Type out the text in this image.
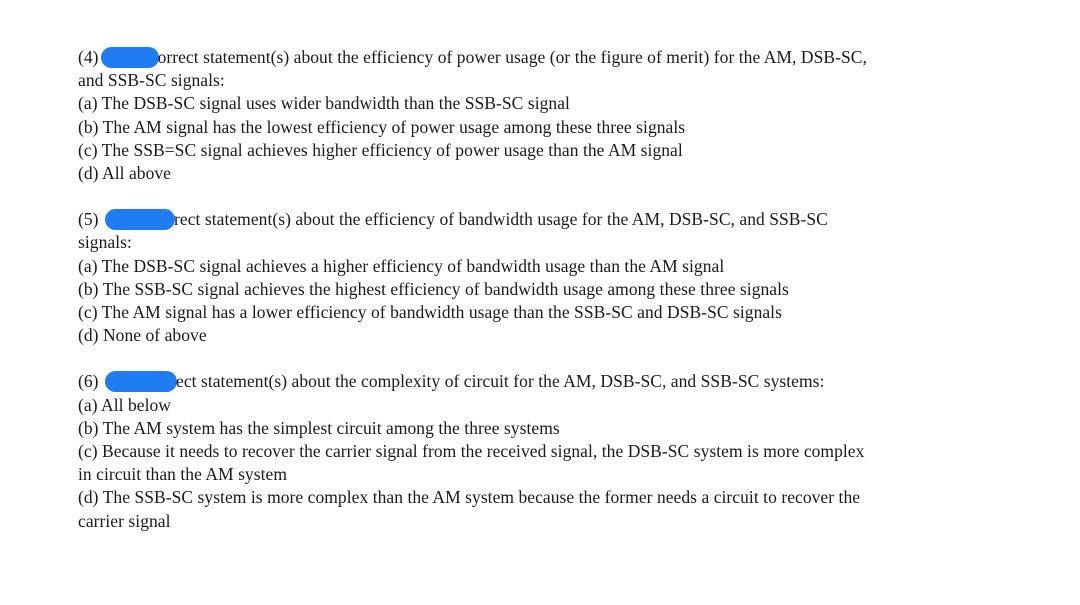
(4)	orrect statement(s) about the efficiency of power usage (or the figure of merit) for the AM, DSB-SC,
and SSB-SC signals:
(a) The DSB-SC signal uses wider bandwidth than the SSB-SC signal
(b) The AM signal has the lowest efficiency of power usage among these three signals
(c) The SSB=SC signal achieves higher efficiency of power usage than the AM signal
(d) All above
(5)	rect statement(s) about the efficiency of bandwidth usage for the AM, DSB-SC, and SSB-SC
signals:
(a) The DSB-SC signal achieves a higher efficiency of bandwidth usage than the AM signal
(b) The SSB-SC signal achieves the highest efficiency of bandwidth usage among these three signals
(c) The AM signal has a lower efficiency of bandwidth usage than the SSB-SC and DSB-SC signals
(d) None of above
(6)	ect statement(s) about the complexity of circuit for the AM, DSB-SC, and SSB-SC systems:
(a) All below
(b) The AM system has the simplest circuit among the three systems
(c) Because it needs to recover the carrier signal from the received signal, the DSB-SC system is more complex
in circuit than the AM system
(d) The SSB-SC system is more complex than the AM system because the former needs a circuit to recover the
carrier signal
